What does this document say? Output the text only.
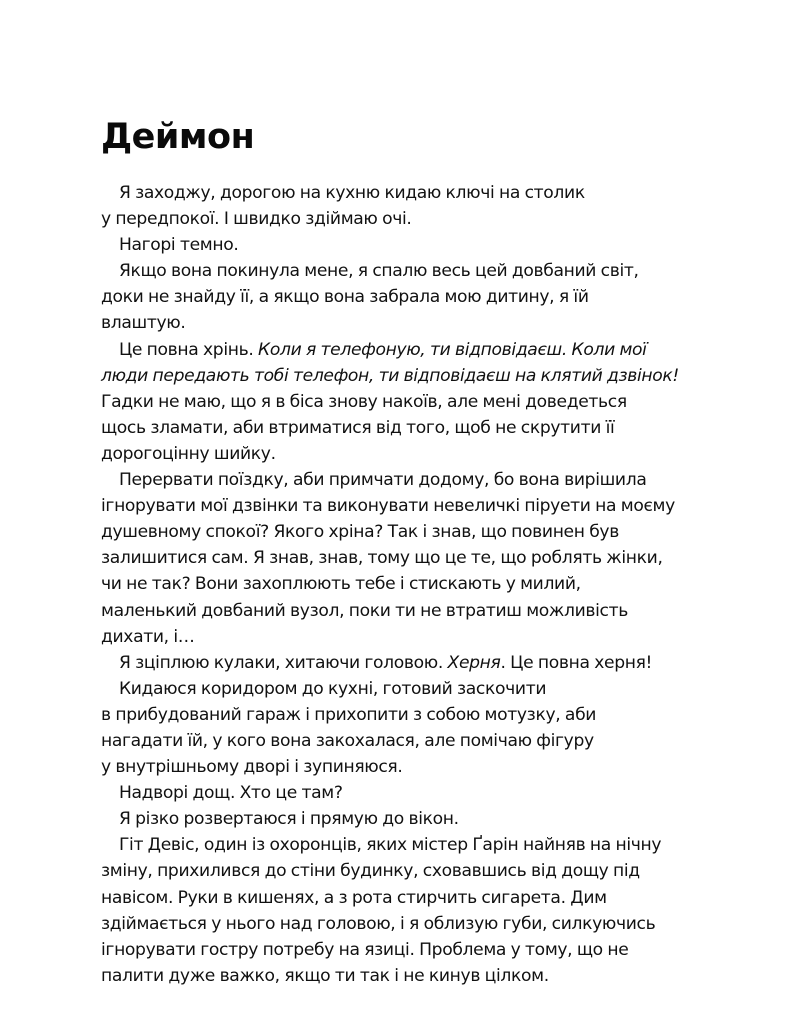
Деймон

Я заходжу, дорогою на кухню кидаю ключі на столик
у передпокої. І швидко здіймаю очі.

Нагорі темно.

Якщо вона покинула мене, я спалю весь цей довбаний світ,
доки не знайду її, а якщо вона забрала мою дитину, я їй
влаштую.

Це повна хрінь. Коли я телефоную, ти відповідаєш. Коли мої
люди передають тобі телефон, ти відповідаєш на клятий дзвінок!
Гадки не маю, що я в біса знову накоїв, але мені доведеться
щось зламати, аби втриматися від того, щоб не скрутити її
дорогоцінну шийку.

Перервати поїздку, аби примчати додому, бо вона вирішила
ігнорувати мої дзвінки та виконувати невеличкі піруети на моєму
душевному спокої? Якого хріна? Так і знав, що повинен був
залишитися сам. Я знав, знав, тому що це те, що роблять жінки,
чи не так? Вони захоплюють тебе і стискають у милий,
маленький довбаний вузол, поки ти не втратиш можливість
дихати, і…

Я зціплюю кулаки, хитаючи головою. Херня. Це повна херня!

Кидаюся коридором до кухні, готовий заскочити
в прибудований гараж і прихопити з собою мотузку, аби
нагадати їй, у кого вона закохалася, але помічаю фігуру
у внутрішньому дворі і зупиняюся.

Надворі дощ. Хто це там?

Я різко розвертаюся і прямую до вікон.

Гіт Девіс, один із охоронців, яких містер Ґарін найняв на нічну
зміну, прихилився до стіни будинку, сховавшись від дощу під
навісом. Руки в кишенях, а з рота стирчить сигарета. Дим
здіймається у нього над головою, і я облизую губи, силкуючись
ігнорувати гостру потребу на язиці. Проблема у тому, що не
палити дуже важко, якщо ти так і не кинув цілком.
